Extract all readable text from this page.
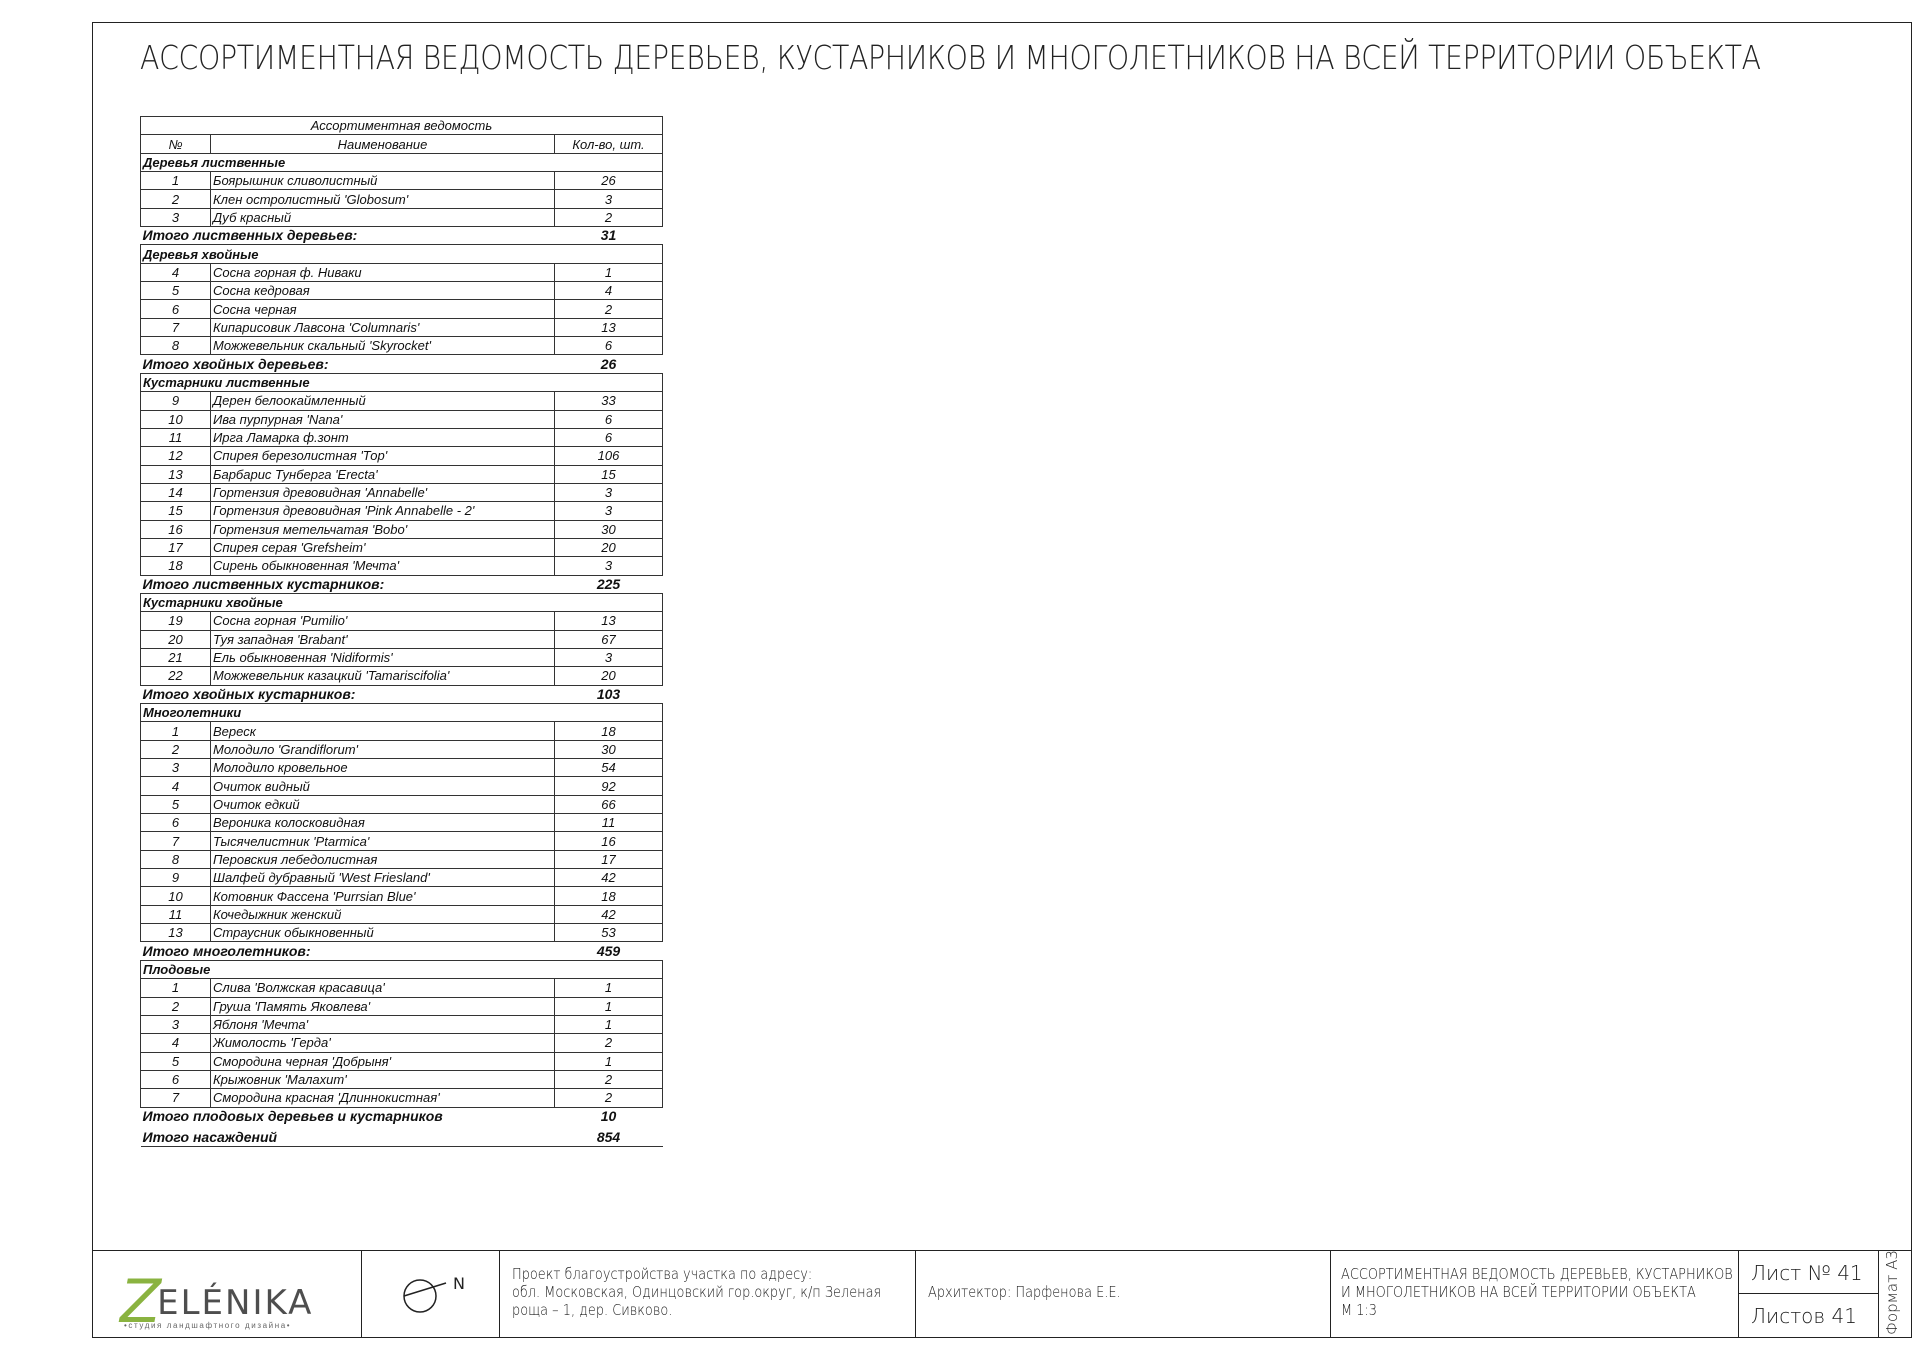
АССОРТИМЕНТНАЯ ВЕДОМОСТЬ ДЕРЕВЬЕВ, КУСТАРНИКОВ И МНОГОЛЕТНИКОВ НА ВСЕЙ ТЕРРИТОРИИ ОБЪЕКТА
Ассортиментная ведомость		
№	Наименование	Кол-во, шт.
Деревья лиственные		
1	Боярышник сливолистный	26
2	Клен остролистный 'Globosum'	3
3	Дуб красный	2
Итого лиственных деревьев:		31
Деревья хвойные		
4	Сосна горная ф. Ниваки	1
5	Сосна кедровая	4
6	Сосна черная	2
7	Кипарисовик Лавсона 'Columnaris'	13
8	Можжевельник скальный 'Skyrocket'	6
Итого хвойных деревьев:		26
Кустарники лиственные		
9	Дерен белоокаймленный	33
10	Ива пурпурная 'Nana'	6
11	Ирга Ламарка ф.зонт	6
12	Спирея березолистная 'Тор'	106
13	Барбарис Тунберга 'Erecta'	15
14	Гортензия древовидная 'Annabelle'	3
15	Гортензия древовидная 'Pink Annabelle - 2'	3
16	Гортензия метельчатая 'Bobo'	30
17	Спирея серая 'Grefsheim'	20
18	Сирень обыкновенная 'Мечта'	3
Итого лиственных кустарников:		225
Кустарники хвойные		
19	Сосна горная 'Pumilio'	13
20	Туя западная 'Brabant'	67
21	Ель обыкновенная 'Nidiformis'	3
22	Можжевельник казацкий 'Tamariscifolia'	20
Итого хвойных кустарников:		103
Многолетники		
1	Вереск	18
2	Молодило 'Grandiflorum'	30
3	Молодило кровельное	54
4	Очиток видный	92
5	Очиток едкий	66
6	Вероника колосковидная	11
7	Тысячелистник 'Ptarmica'	16
8	Перовския лебедолистная	17
9	Шалфей дубравный 'West Friesland'	42
10	Котовник Фассена 'Purrsian Blue'	18
11	Кочедыжник женский	42
13	Страусник обыкновенный	53
Итого многолетников:		459
Плодовые		
1	Слива 'Волжская красавица'	1
2	Груша 'Память Яковлева'	1
3	Яблоня 'Мечта'	1
4	Жимолость 'Герда'	2
5	Смородина черная 'Добрыня'	1
6	Крыжовник 'Малахит'	2
7	Смородина красная 'Длиннокистная'	2
Итого плодовых деревьев и кустарников		10
Итого насаждений		854
ZELÉNIKA
•студия ландшафтного дизайна•
N	Проект благоустройства участка по адресу:
обл. Московская, Одинцовский гор.округ, к/п Зеленая
роща – 1, дер. Сивково.
Архитектор: Парфенова Е.Е.
АССОРТИМЕНТНАЯ ВЕДОМОСТЬ ДЕРЕВЬЕВ, КУСТАРНИКОВ
И МНОГОЛЕТНИКОВ НА ВСЕЙ ТЕРРИТОРИИ ОБЪЕКТА
М 1:3
Лист № 41
Листов 41 Формат А3
